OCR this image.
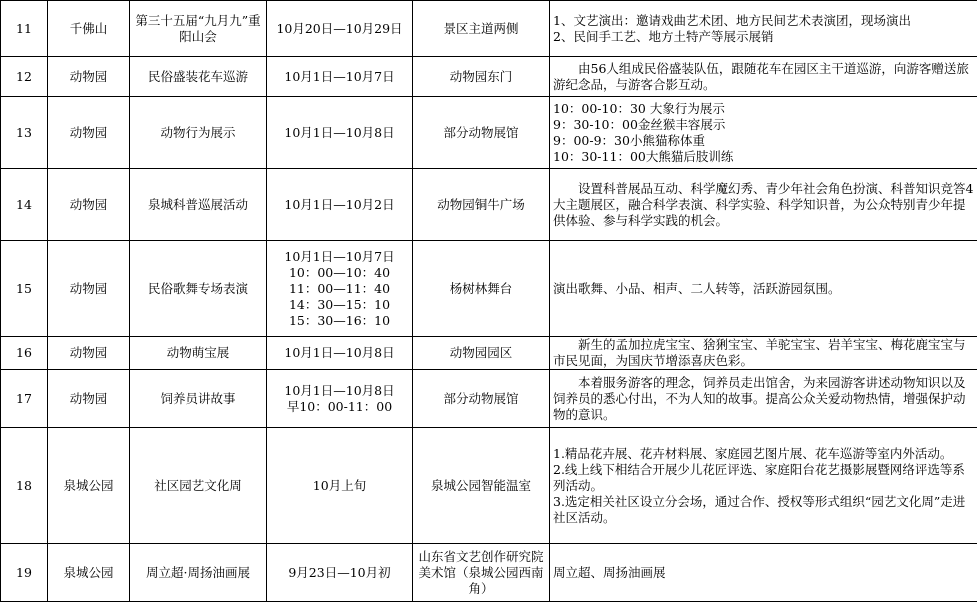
11	千佛山	第三十五届“九月九”重阳山会	10月20日—10月29日	景区主道两侧	1、文艺演出：邀请戏曲艺术团、地方民间艺术表演团，现场演出
2、民间手工艺、地方土特产等展示展销

12	动物园	民俗盛装花车巡游	10月1日—10月7日	动物园东门	由56人组成民俗盛装队伍，跟随花车在园区主干道巡游，向游客赠送旅游纪念品，与游客合影互动。

13	动物园	动物行为展示	10月1日—10月8日	部分动物展馆	10：00-10：30 大象行为展示
9：30-10：00金丝猴丰容展示
9：00-9：30小熊猫称体重
10：30-11：00大熊猫后肢训练

14	动物园	泉城科普巡展活动	10月1日—10月2日	动物园铜牛广场	设置科普展品互动、科学魔幻秀、青少年社会角色扮演、科普知识竞答4大主题展区，融合科学表演、科学实验、科学知识普，为公众特别青少年提供体验、参与科学实践的机会。

15	动物园	民俗歌舞专场表演	10月1日—10月7日
10：00—10：40
11：00—11：40
14：30—15：10
15：30—16：10	杨树林舞台	演出歌舞、小品、相声、二人转等，活跃游园氛围。

16	动物园	动物萌宝展	10月1日—10月8日	动物园园区	新生的孟加拉虎宝宝、猞猁宝宝、羊驼宝宝、岩羊宝宝、梅花鹿宝宝与市民见面，为国庆节增添喜庆色彩。

17	动物园	饲养员讲故事	10月1日—10月8日
早10：00-11：00	部分动物展馆	本着服务游客的理念，饲养员走出馆舍，为来园游客讲述动物知识以及饲养员的悉心付出，不为人知的故事。提高公众关爱动物热情，增强保护动物的意识。

18	泉城公园	社区园艺文化周	10月上旬	泉城公园智能温室	1.精品花卉展、花卉材料展、家庭园艺图片展、花车巡游等室内外活动。
2.线上线下相结合开展少儿花匠评选、家庭阳台花艺摄影展暨网络评选等系列活动。
3.选定相关社区设立分会场，通过合作、授权等形式组织“园艺文化周”走进社区活动。

19	泉城公园	周立超·周扬油画展	9月23日—10月初	山东省文艺创作研究院美术馆（泉城公园西南角）	周立超、周扬油画展
